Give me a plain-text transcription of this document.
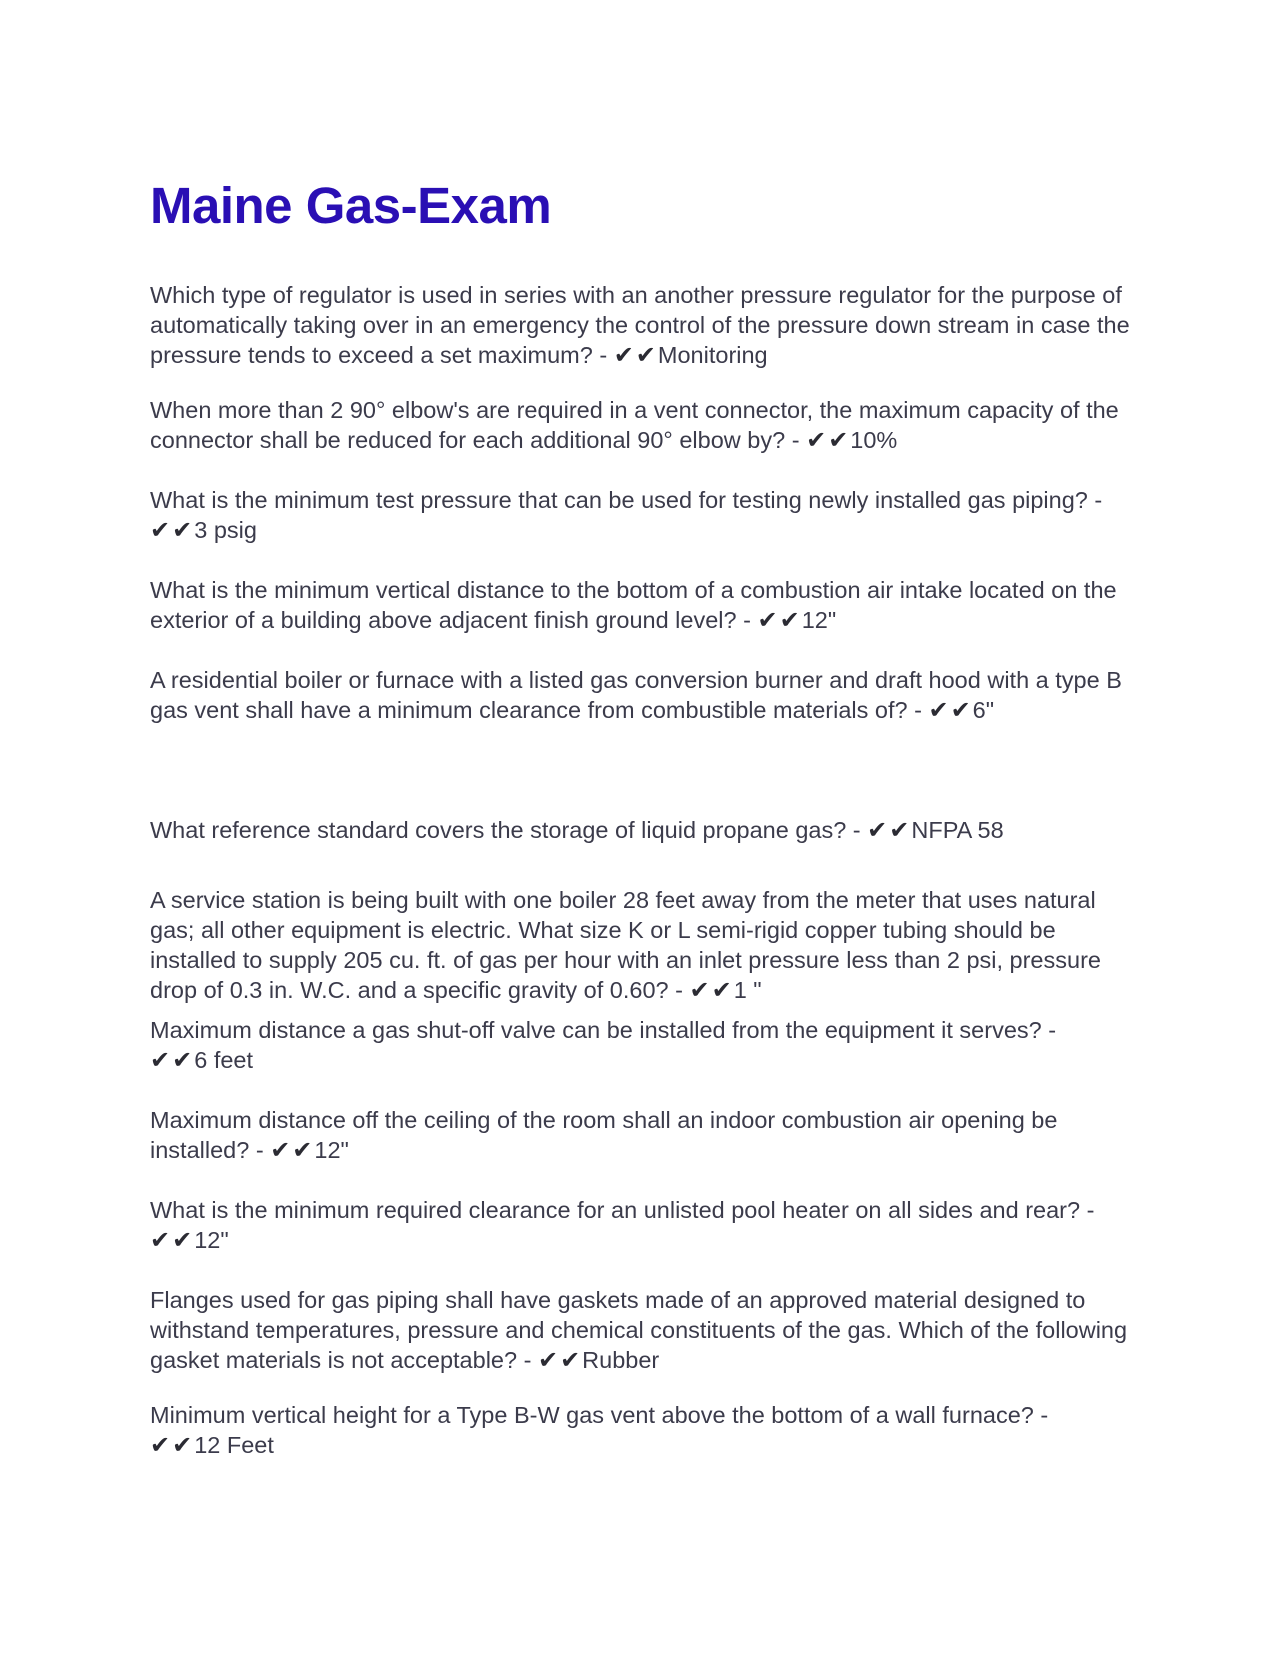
Maine Gas-Exam

Which type of regulator is used in series with an another pressure regulator for the purpose of automatically taking over in an emergency the control of the pressure down stream in case the pressure tends to exceed a set maximum? - ✔✔Monitoring

When more than 2 90° elbow's are required in a vent connector, the maximum capacity of the connector shall be reduced for each additional 90° elbow by? - ✔✔10%

What is the minimum test pressure that can be used for testing newly installed gas piping? - ✔✔3 psig

What is the minimum vertical distance to the bottom of a combustion air intake located on the exterior of a building above adjacent finish ground level? - ✔✔12"

A residential boiler or furnace with a listed gas conversion burner and draft hood with a type B gas vent shall have a minimum clearance from combustible materials of? - ✔✔6"

What reference standard covers the storage of liquid propane gas? - ✔✔NFPA 58

A service station is being built with one boiler 28 feet away from the meter that uses natural gas; all other equipment is electric. What size K or L semi-rigid copper tubing should be installed to supply 205 cu. ft. of gas per hour with an inlet pressure less than 2 psi, pressure drop of 0.3 in. W.C. and a specific gravity of 0.60? - ✔✔1 "

Maximum distance a gas shut-off valve can be installed from the equipment it serves? - ✔✔6 feet

Maximum distance off the ceiling of the room shall an indoor combustion air opening be installed? - ✔✔12"

What is the minimum required clearance for an unlisted pool heater on all sides and rear? - ✔✔12"

Flanges used for gas piping shall have gaskets made of an approved material designed to withstand temperatures, pressure and chemical constituents of the gas. Which of the following gasket materials is not acceptable? - ✔✔Rubber

Minimum vertical height for a Type B-W gas vent above the bottom of a wall furnace? - ✔✔12 Feet
